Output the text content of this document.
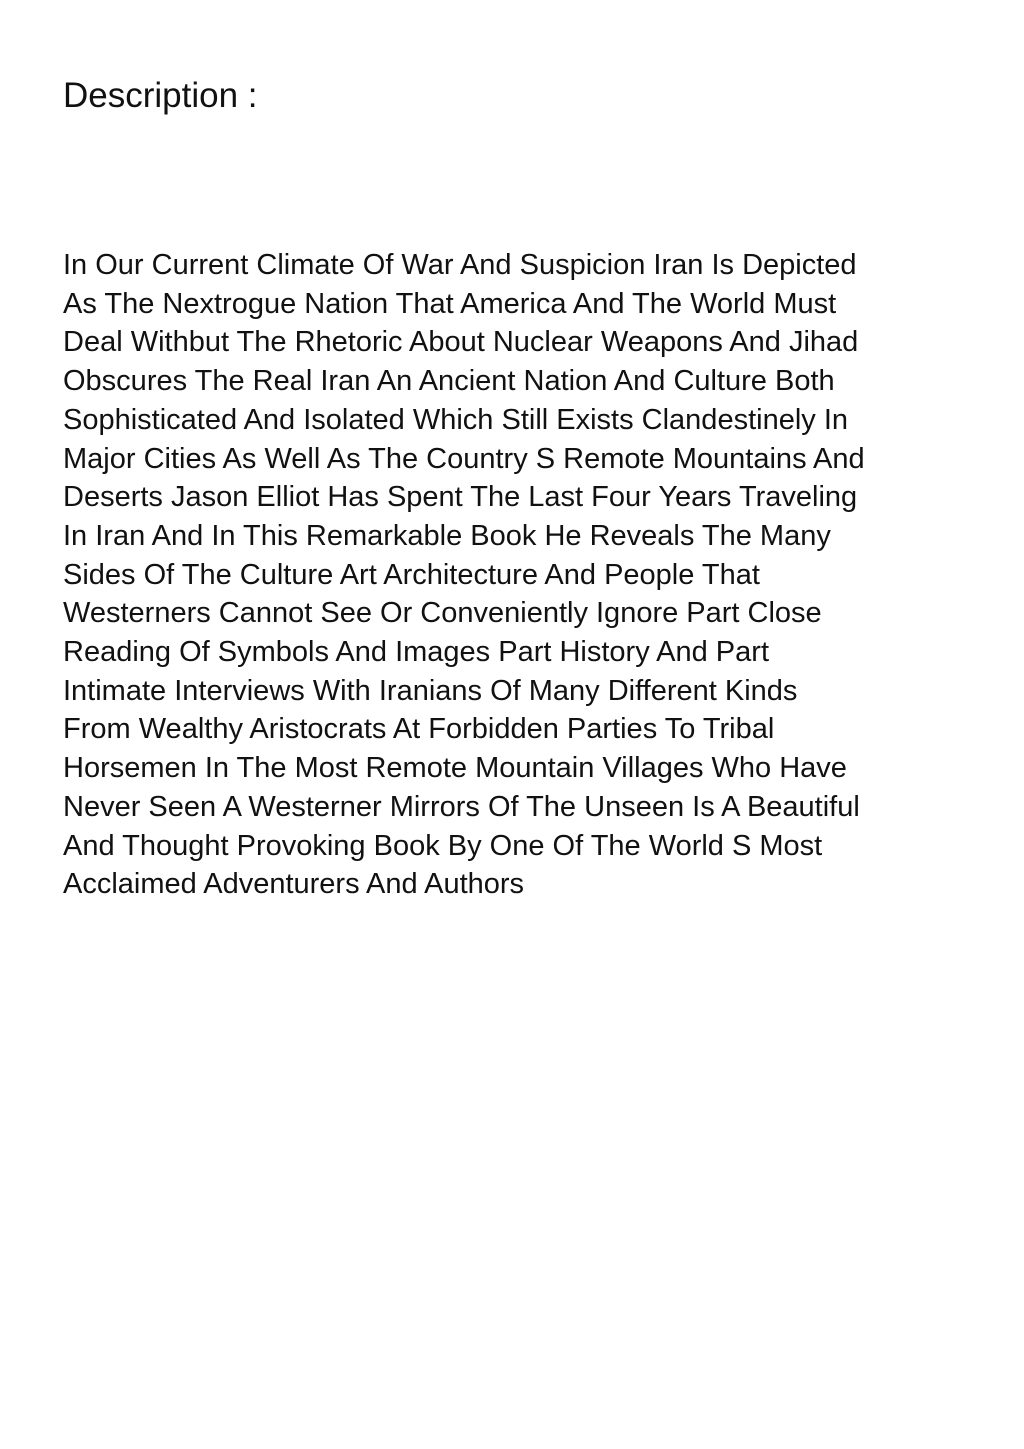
Description :
In Our Current Climate Of War And Suspicion Iran Is Depicted
As The Nextrogue Nation That America And The World Must
Deal Withbut The Rhetoric About Nuclear Weapons And Jihad
Obscures The Real Iran An Ancient Nation And Culture Both
Sophisticated And Isolated Which Still Exists Clandestinely In
Major Cities As Well As The Country S Remote Mountains And
Deserts Jason Elliot Has Spent The Last Four Years Traveling
In Iran And In This Remarkable Book He Reveals The Many
Sides Of The Culture Art Architecture And People That
Westerners Cannot See Or Conveniently Ignore Part Close
Reading Of Symbols And Images Part History And Part
Intimate Interviews With Iranians Of Many Different Kinds
From Wealthy Aristocrats At Forbidden Parties To Tribal
Horsemen In The Most Remote Mountain Villages Who Have
Never Seen A Westerner Mirrors Of The Unseen Is A Beautiful
And Thought Provoking Book By One Of The World S Most
Acclaimed Adventurers And Authors
